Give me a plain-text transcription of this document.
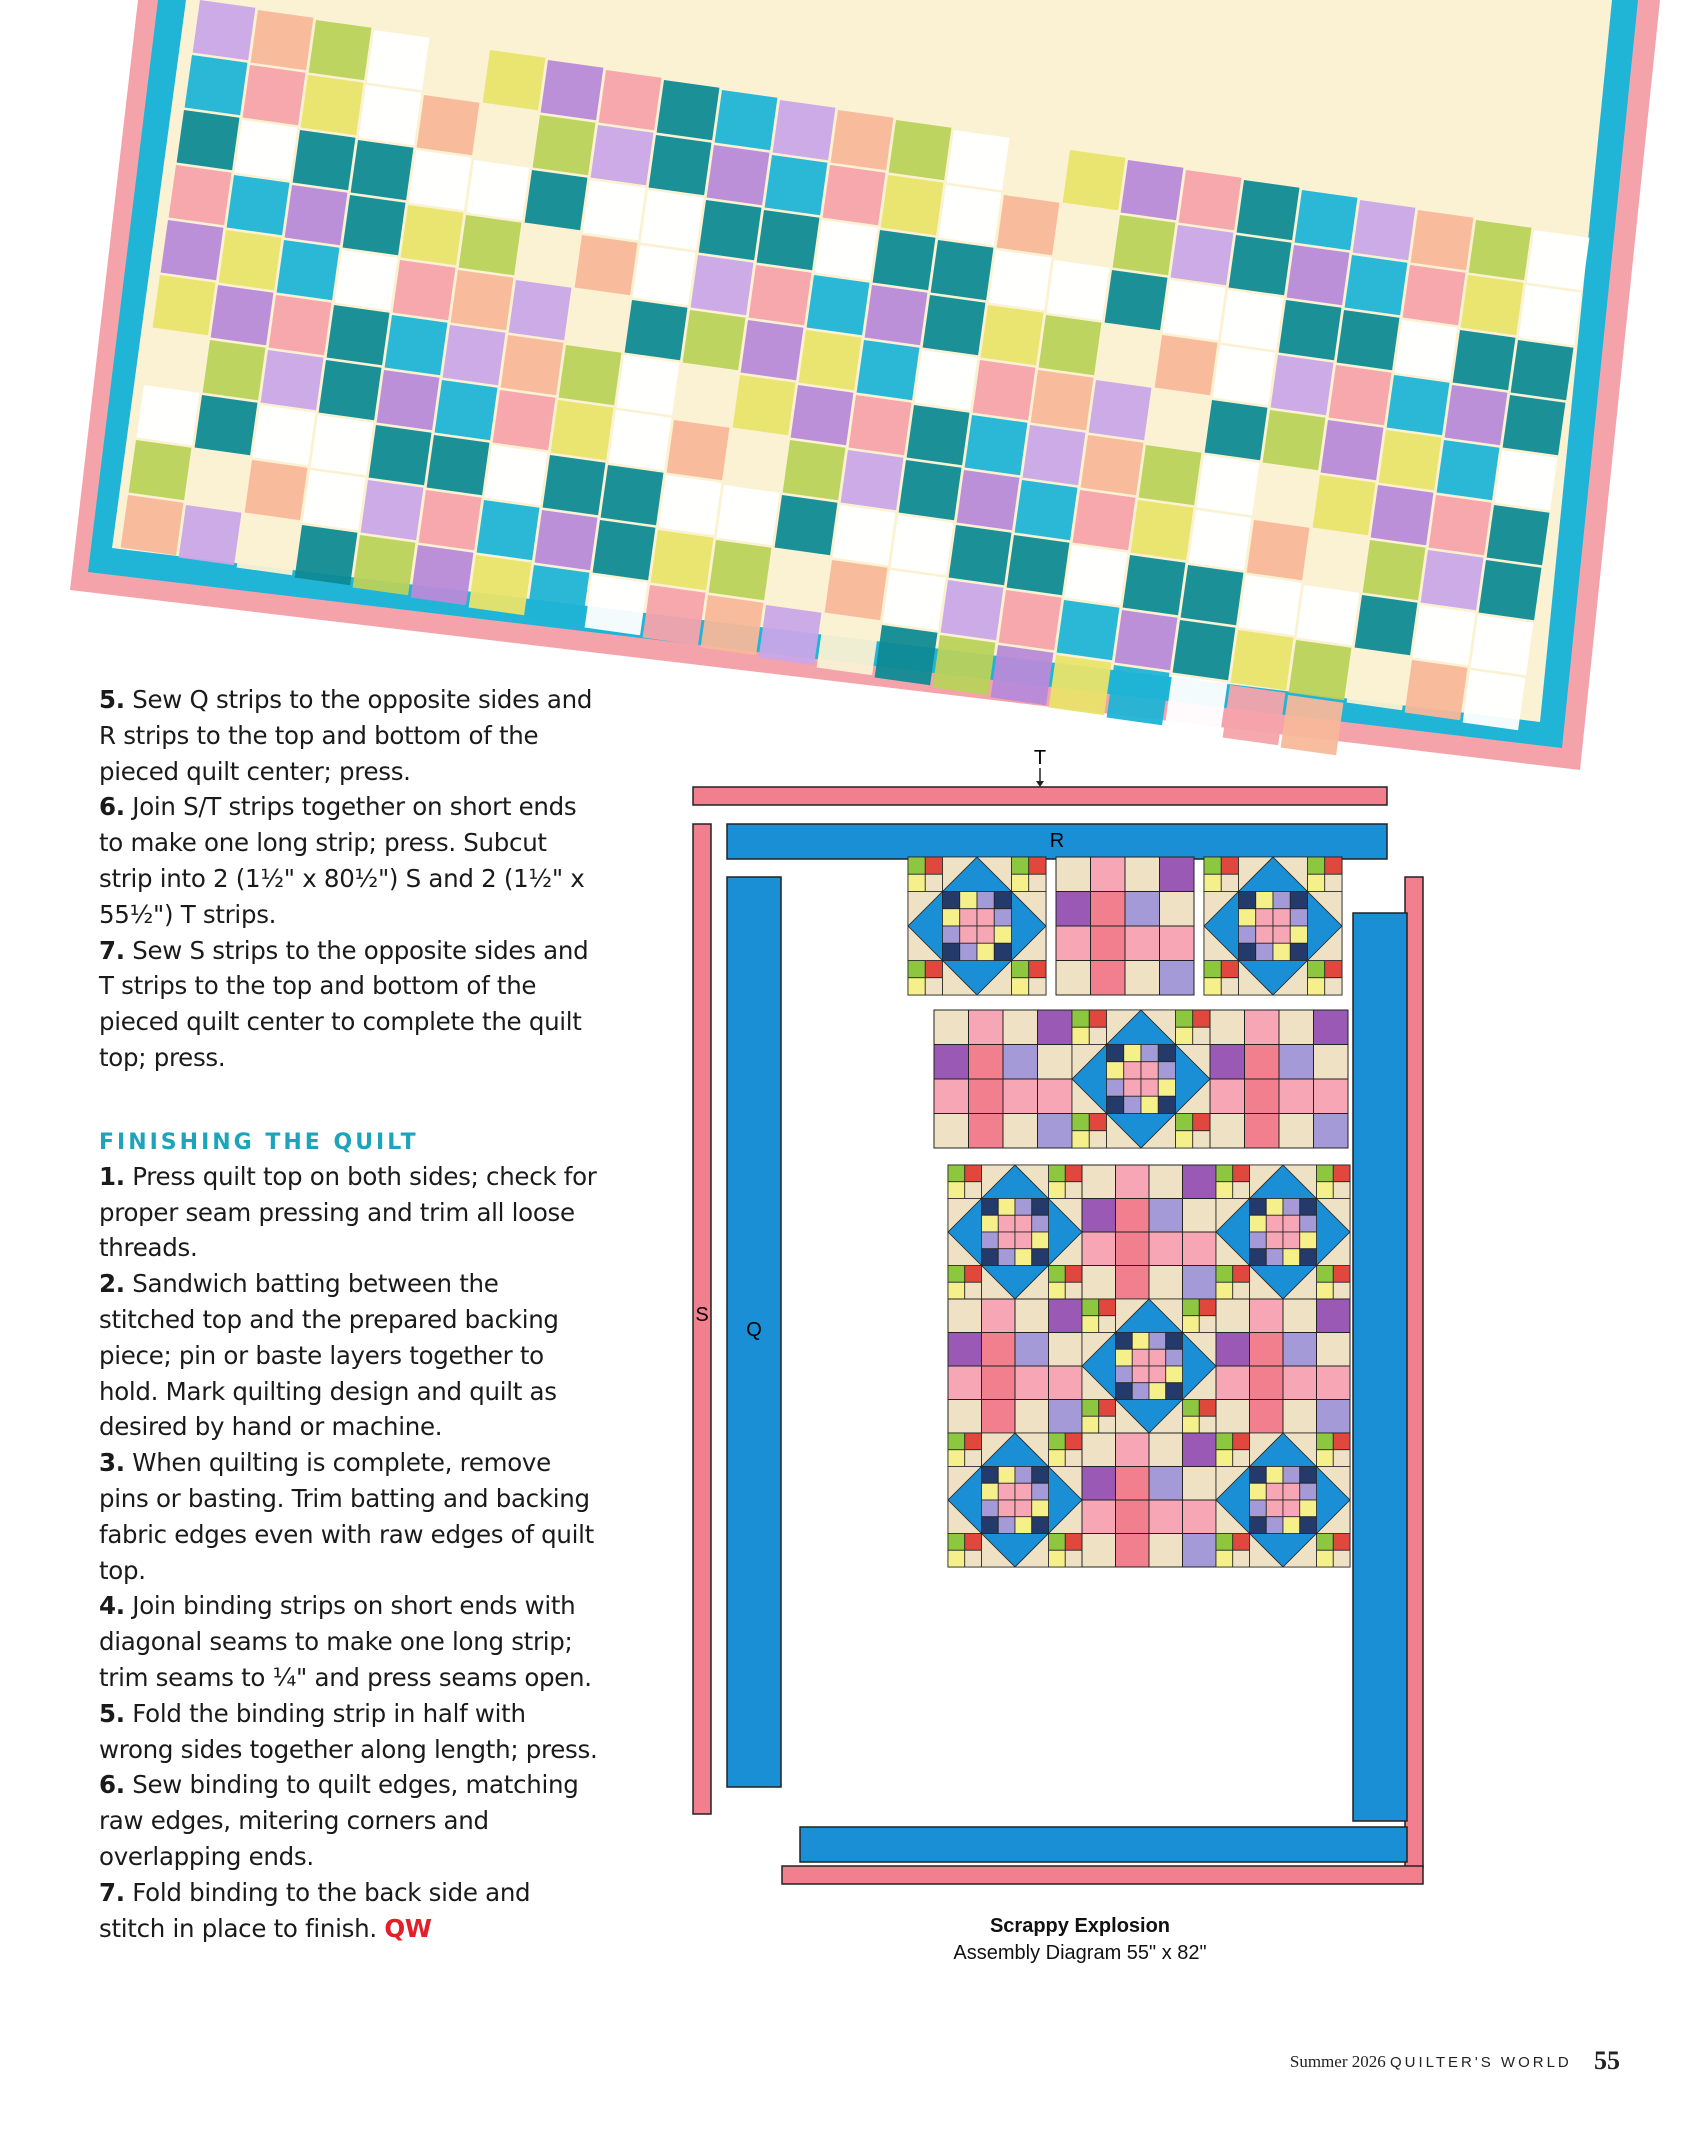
5. Sew Q strips to the opposite sides and R strips to the top and bottom of the pieced quilt center; press.

6. Join S/T strips together on short ends to make one long strip; press. Subcut strip into 2 (1½" x 80½") S and 2 (1½" x 55½") T strips.

7. Sew S strips to the opposite sides and T strips to the top and bottom of the pieced quilt center to complete the quilt top; press.

FINISHING THE QUILT

1. Press quilt top on both sides; check for proper seam pressing and trim all loose threads.

2. Sandwich batting between the stitched top and the prepared backing piece; pin or baste layers together to hold. Mark quilting design and quilt as desired by hand or machine.

3. When quilting is complete, remove pins or basting. Trim batting and backing fabric edges even with raw edges of quilt top.

4. Join binding strips on short ends with diagonal seams to make one long strip; trim seams to ¼" and press seams open.

5. Fold the binding strip in half with wrong sides together along length; press.

6. Sew binding to quilt edges, matching raw edges, mitering corners and overlapping ends.

7. Fold binding to the back side and stitch in place to finish. QW

T
R
S
Q
Scrappy Explosion
Assembly Diagram 55" x 82"
Summer 2026 QUILTER'S WORLD 55
